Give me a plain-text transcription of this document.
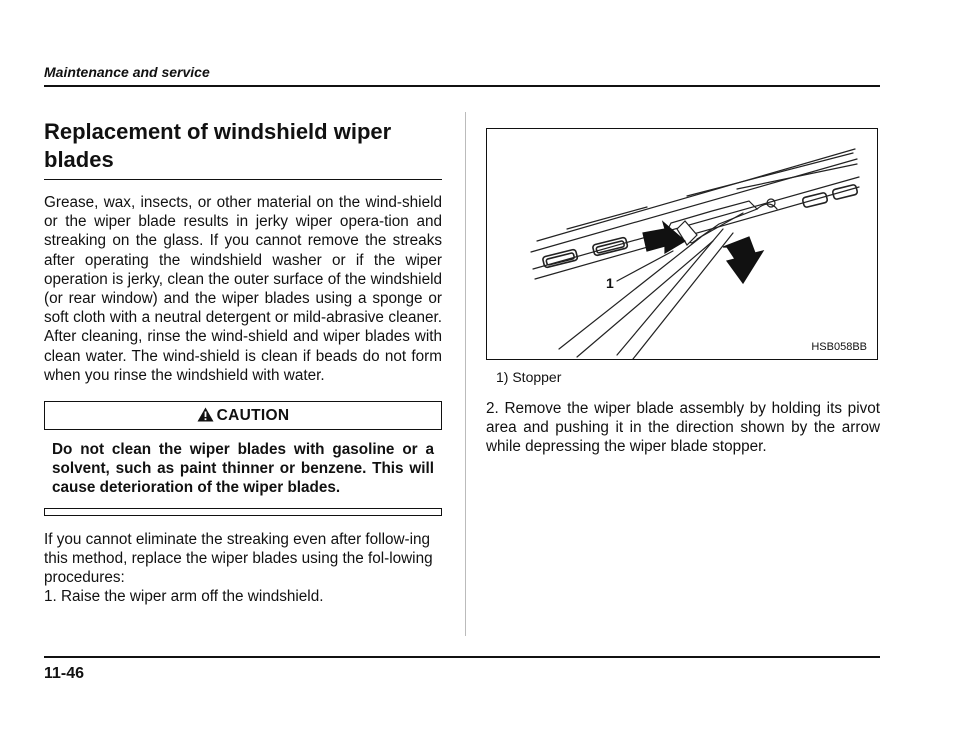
Maintenance and service
Replacement of windshield wiper blades

Grease, wax, insects, or other material on the wind-shield or the wiper blade results in jerky wiper opera-tion and streaking on the glass. If you cannot remove the streaks after operating the windshield washer or if the wiper operation is jerky, clean the outer surface of the windshield (or rear window) and the wiper blades using a sponge or soft cloth with a neutral detergent or mild-abrasive cleaner. After cleaning, rinse the wind-shield and wiper blades with clean water. The wind-shield is clean if beads do not form when you rinse the windshield with water.

CAUTION

Do not clean the wiper blades with gasoline or a solvent, such as paint thinner or benzene. This will cause deterioration of the wiper blades.

If you cannot eliminate the streaking even after follow-ing this method, replace the wiper blades using the fol-lowing procedures:

1. Raise the wiper arm off the windshield.

1
HSB058BB
1) Stopper

2. Remove the wiper blade assembly by holding its pivot area and pushing it in the direction shown by the arrow while depressing the wiper blade stopper.

11-46
